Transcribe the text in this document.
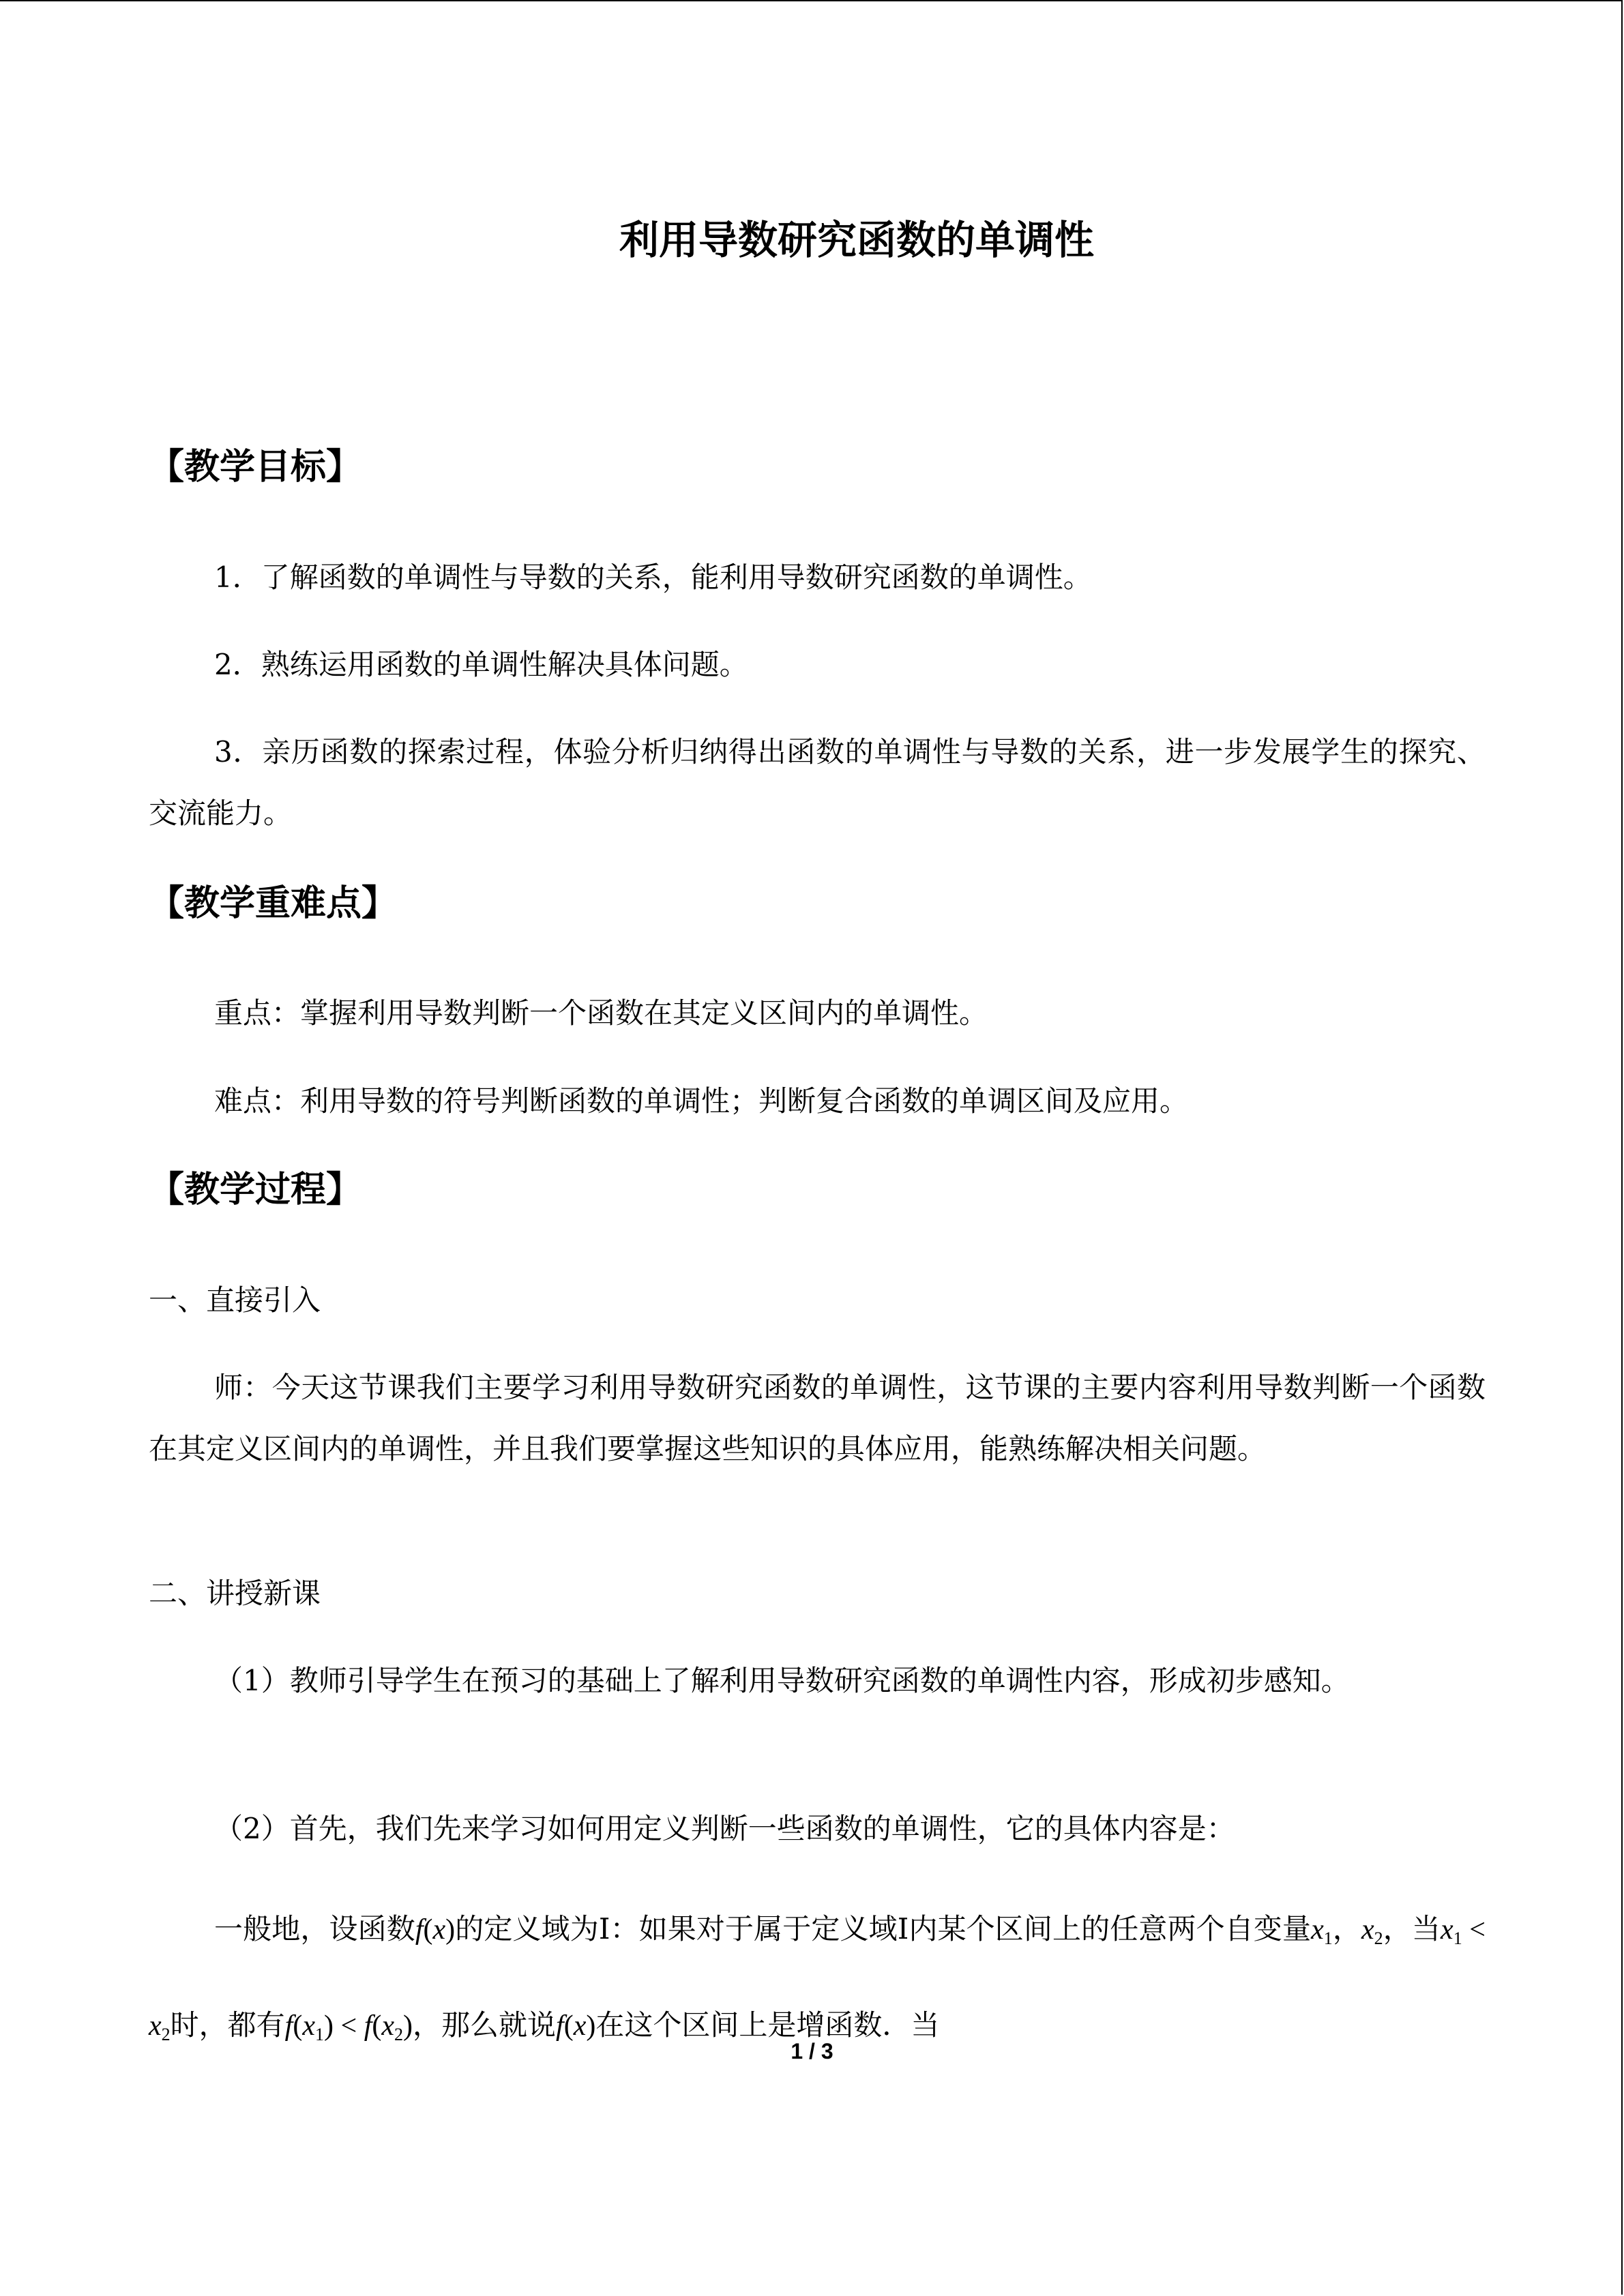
利用导数研究函数的单调性
【教学目标】

1．了解函数的单调性与导数的关系，能利用导数研究函数的单调性。

2．熟练运用函数的单调性解决具体问题。

3．亲历函数的探索过程，体验分析归纳得出函数的单调性与导数的关系，进一步发展学生的探究、交流能力。

【教学重难点】

重点：掌握利用导数判断一个函数在其定义区间内的单调性。

难点：利用导数的符号判断函数的单调性；判断复合函数的单调区间及应用。

【教学过程】

一、直接引入

师：今天这节课我们主要学习利用导数研究函数的单调性，这节课的主要内容利用导数判断一个函数在其定义区间内的单调性，并且我们要掌握这些知识的具体应用，能熟练解决相关问题。

二、讲授新课

（1）教师引导学生在预习的基础上了解利用导数研究函数的单调性内容，形成初步感知。

（2）首先，我们先来学习如何用定义判断一些函数的单调性，它的具体内容是：

一般地，设函数f(x)的定义域为I：如果对于属于定义域I内某个区间上的任意两个自变量$x_1$，$x_2$，当$x_1 < x_2$时，都有$f(x_1) < f(x_2)$，那么就说f(x)在这个区间上是增函数．当

1 / 3
